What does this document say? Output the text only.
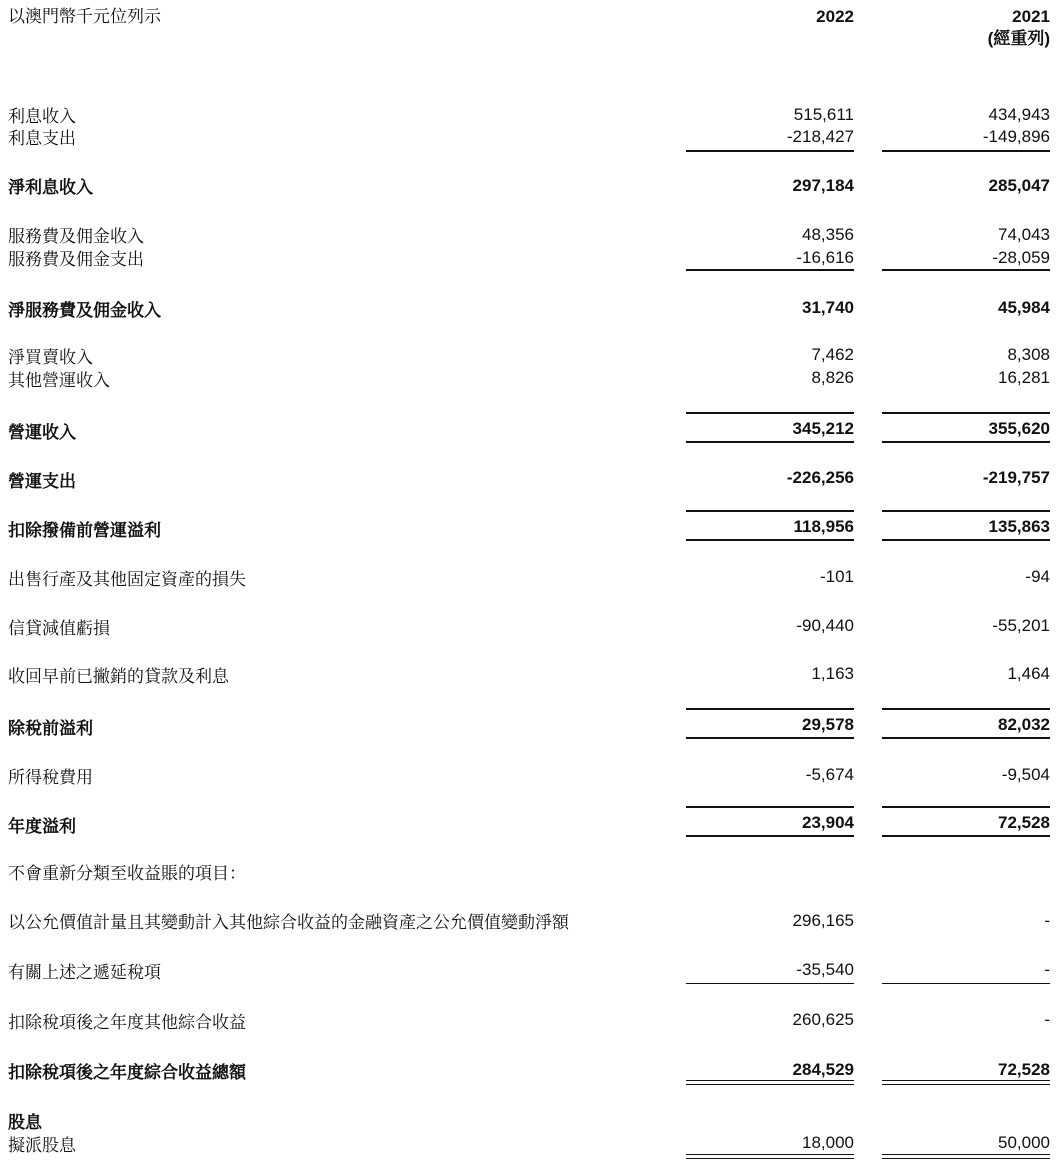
以澳門幣千元位列示	2022	2021
(經重列)
利息收入	515,611	434,943
利息支出	-218,427	-149,896
淨利息收入	297,184	285,047
服務費及佣金收入	48,356	74,043
服務費及佣金支出	-16,616	-28,059
淨服務費及佣金收入	31,740	45,984
淨買賣收入	7,462	8,308
其他營運收入	8,826	16,281
營運收入	345,212	355,620
營運支出	-226,256	-219,757
扣除撥備前營運溢利	118,956	135,863
出售行產及其他固定資產的損失	-101	-94
信貸減值虧損	-90,440	-55,201
收回早前已撇銷的貸款及利息	1,163	1,464
除稅前溢利	29,578	82,032
所得稅費用	-5,674	-9,504
年度溢利	23,904	72,528
不會重新分類至收益賬的項目：
以公允價值計量且其變動計入其他綜合收益的金融資產之公允價值變動淨額	296,165	-
有關上述之遞延稅項	-35,540	-
扣除稅項後之年度其他綜合收益	260,625	-
扣除稅項後之年度綜合收益總額	284,529	72,528
股息
擬派股息	18,000	50,000
